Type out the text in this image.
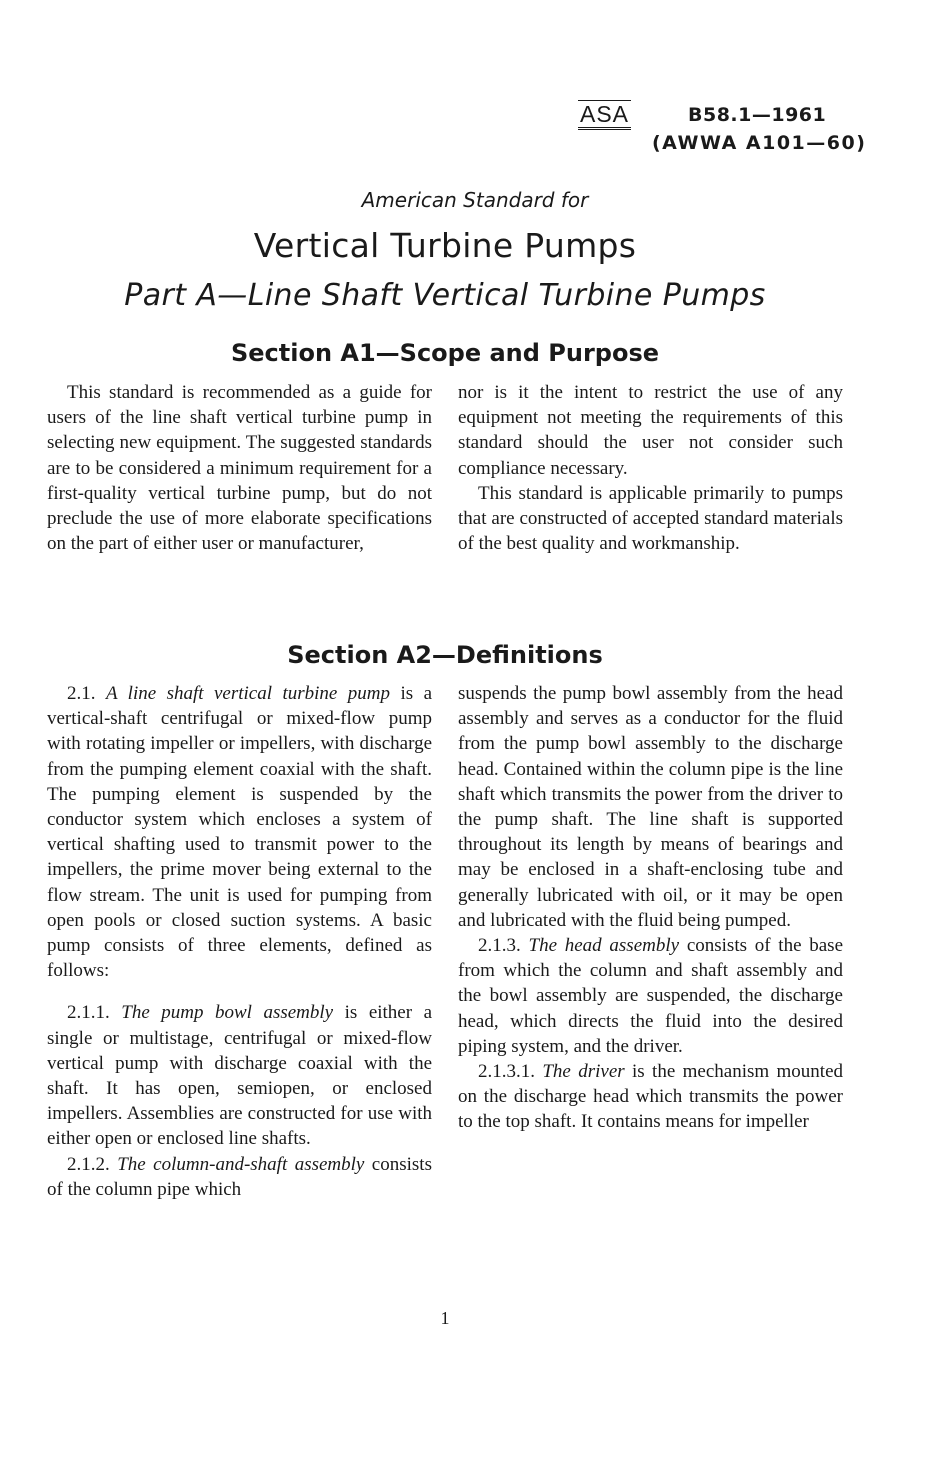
ASA	B58.1—1961
(AWWA A101—60)
American Standard for
Vertical Turbine Pumps
Part A—Line Shaft Vertical Turbine Pumps
Section A1—Scope and Purpose

This standard is recommended as a guide for users of the line shaft vertical turbine pump in selecting new equipment. The suggested standards are to be considered a minimum requirement for a first-quality vertical turbine pump, but do not preclude the use of more elaborate specifications on the part of either user or manufacturer,

nor is it the intent to restrict the use of any equipment not meeting the requirements of this standard should the user not consider such compliance necessary.

This standard is applicable primarily to pumps that are constructed of accepted standard materials of the best quality and workmanship.

Section A2—Definitions

2.1. A line shaft vertical turbine pump is a vertical-shaft centrifugal or mixed-flow pump with rotating impeller or impellers, with discharge from the pumping element coaxial with the shaft. The pumping element is suspended by the conductor system which encloses a system of vertical shafting used to transmit power to the impellers, the prime mover being external to the flow stream. The unit is used for pumping from open pools or closed suction systems. A basic pump consists of three elements, defined as follows:

2.1.1. The pump bowl assembly is either a single or multistage, centrifugal or mixed-flow vertical pump with discharge coaxial with the shaft. It has open, semiopen, or enclosed impellers. Assemblies are constructed for use with either open or enclosed line shafts.

2.1.2. The column-and-shaft assembly consists of the column pipe which

suspends the pump bowl assembly from the head assembly and serves as a conductor for the fluid from the pump bowl assembly to the discharge head. Contained within the column pipe is the line shaft which transmits the power from the driver to the pump shaft. The line shaft is supported throughout its length by means of bearings and may be enclosed in a shaft-enclosing tube and generally lubricated with oil, or it may be open and lubricated with the fluid being pumped.

2.1.3. The head assembly consists of the base from which the column and shaft assembly and the bowl assembly are suspended, the discharge head, which directs the fluid into the desired piping system, and the driver.

2.1.3.1. The driver is the mechanism mounted on the discharge head which transmits the power to the top shaft. It contains means for impeller

1
